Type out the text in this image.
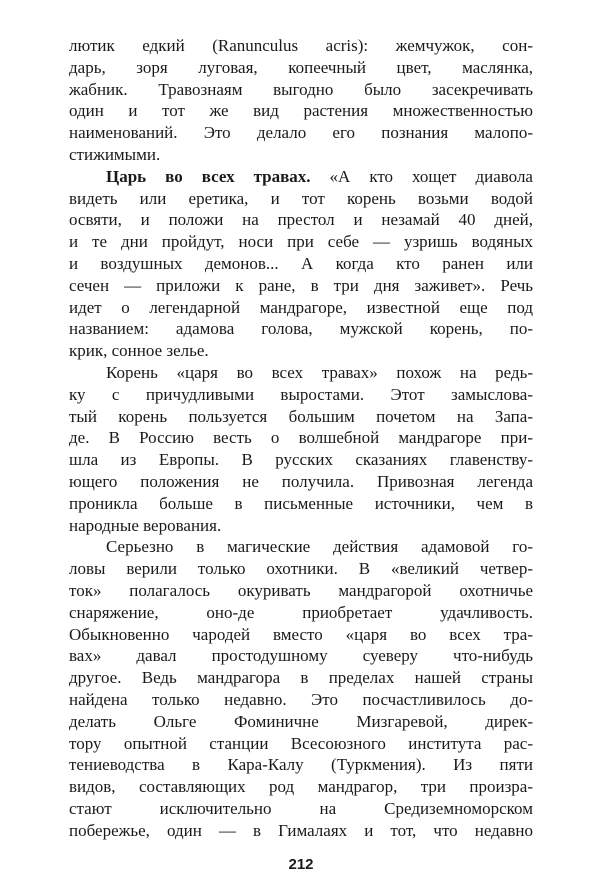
лютик едкий (Ranunculus acris): жемчужок, сон-
дарь, зоря луговая, копеечный цвет, маслянка,
жабник. Травознаям выгодно было засекречивать
один и тот же вид растения множественностью
наименований. Это делало его познания малопо-
стижимыми.
Царь во всех травах. «А кто хощет диавола
видеть или еретика, и тот корень возьми водой
освяти, и положи на престол и незамай 40 дней,
и те дни пройдут, носи при себе — узришь водяных
и воздушных демонов... А когда кто ранен или
сечен — приложи к ране, в три дня заживет». Речь
идет о легендарной мандрагоре, известной еще под
названием: адамова голова, мужской корень, по-
крик, сонное зелье.
Корень «царя во всех травах» похож на редь-
ку с причудливыми выростами. Этот замыслова-
тый корень пользуется большим почетом на Запа-
де. В Россию весть о волшебной мандрагоре при-
шла из Европы. В русских сказаниях главенству-
ющего положения не получила. Привозная легенда
проникла больше в письменные источники, чем в
народные верования.
Серьезно в магические действия адамовой го-
ловы верили только охотники. В «великий четвер-
ток» полагалось окуривать мандрагорой охотничье
снаряжение, оно-де приобретает удачливость.
Обыкновенно чародей вместо «царя во всех тра-
вах» давал простодушному суеверу что-нибудь
другое. Ведь мандрагора в пределах нашей страны
найдена только недавно. Это посчастливилось до-
делать Ольге Фоминичне Мизгаревой, дирек-
тору опытной станции Всесоюзного института рас-
тениеводства в Кара-Калу (Туркмения). Из пяти
видов, составляющих род мандрагор, три произра-
стают исключительно на Средиземноморском
побережье, один — в Гималаях и тот, что недавно
212
